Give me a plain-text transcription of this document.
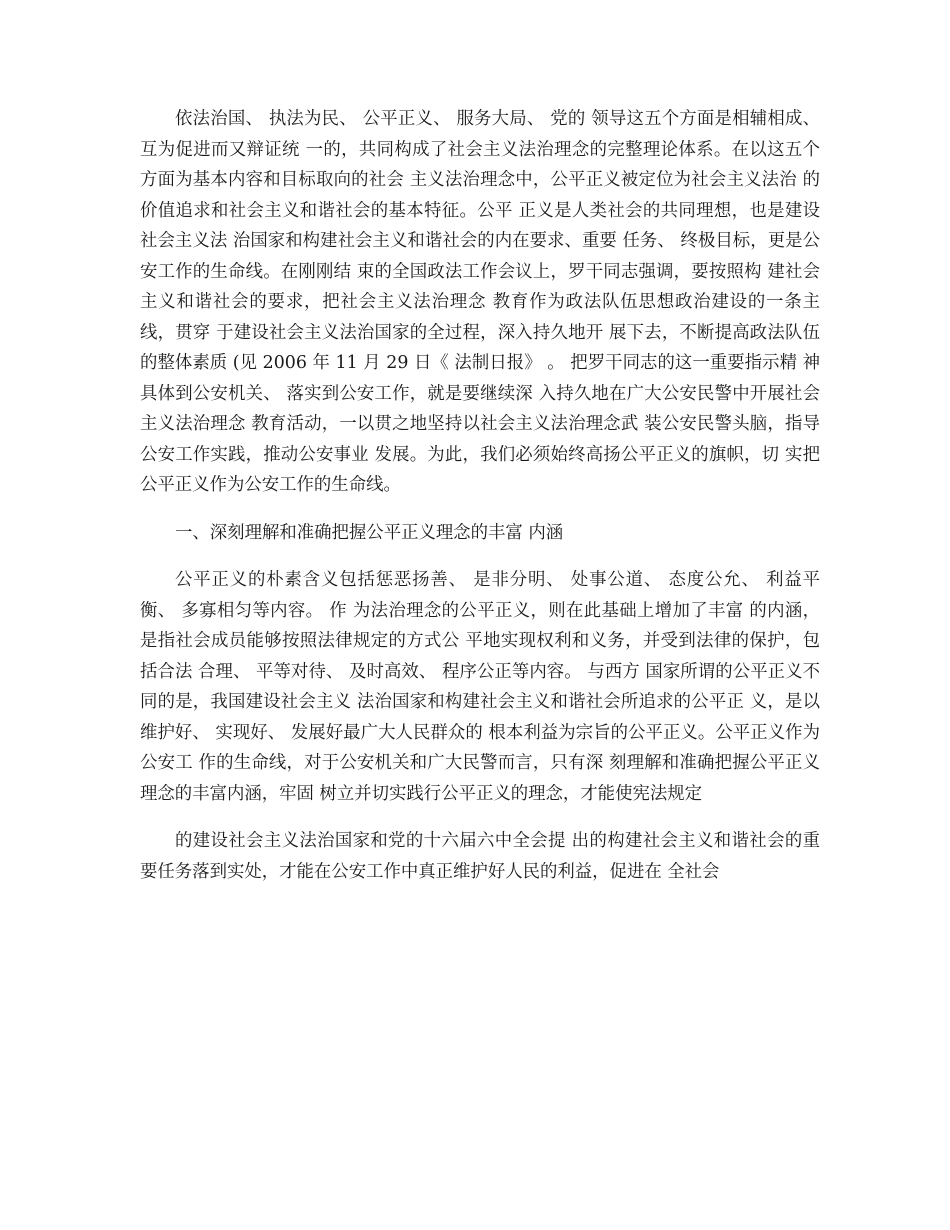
依法治国、 执法为民、 公平正义、 服务大局、 党的 领导这五个方面是相辅相成、互为促进而又辩证统 一的，共同构成了社会主义法治理念的完整理论体系。在以这五个方面为基本内容和目标取向的社会 主义法治理念中，公平正义被定位为社会主义法治 的价值追求和社会主义和谐社会的基本特征。公平 正义是人类社会的共同理想，也是建设社会主义法 治国家和构建社会主义和谐社会的内在要求、重要 任务、 终极目标，更是公安工作的生命线。在刚刚结 束的全国政法工作会议上，罗干同志强调，要按照构 建社会主义和谐社会的要求，把社会主义法治理念 教育作为政法队伍思想政治建设的一条主线，贯穿 于建设社会主义法治国家的全过程，深入持久地开 展下去，不断提高政法队伍的整体素质 (见 2006 年 11 月 29 日《 法制日报》 。 把罗干同志的这一重要指示精 神具体到公安机关、 落实到公安工作，就是要继续深 入持久地在广大公安民警中开展社会主义法治理念 教育活动，一以贯之地坚持以社会主义法治理念武 装公安民警头脑，指导公安工作实践，推动公安事业 发展。为此，我们必须始终高扬公平正义的旗帜，切 实把公平正义作为公安工作的生命线。

一、深刻理解和准确把握公平正义理念的丰富 内涵

公平正义的朴素含义包括惩恶扬善、 是非分明、 处事公道、 态度公允、 利益平衡、 多寡相匀等内容。 作 为法治理念的公平正义，则在此基础上增加了丰富 的内涵，是指社会成员能够按照法律规定的方式公 平地实现权利和义务，并受到法律的保护，包括合法 合理、 平等对待、 及时高效、 程序公正等内容。 与西方 国家所谓的公平正义不同的是，我国建设社会主义 法治国家和构建社会主义和谐社会所追求的公平正 义，是以维护好、 实现好、 发展好最广大人民群众的 根本利益为宗旨的公平正义。公平正义作为公安工 作的生命线，对于公安机关和广大民警而言，只有深 刻理解和准确把握公平正义理念的丰富内涵，牢固 树立并切实践行公平正义的理念，才能使宪法规定

的建设社会主义法治国家和党的十六届六中全会提 出的构建社会主义和谐社会的重要任务落到实处，才能在公安工作中真正维护好人民的利益，促进在 全社会
